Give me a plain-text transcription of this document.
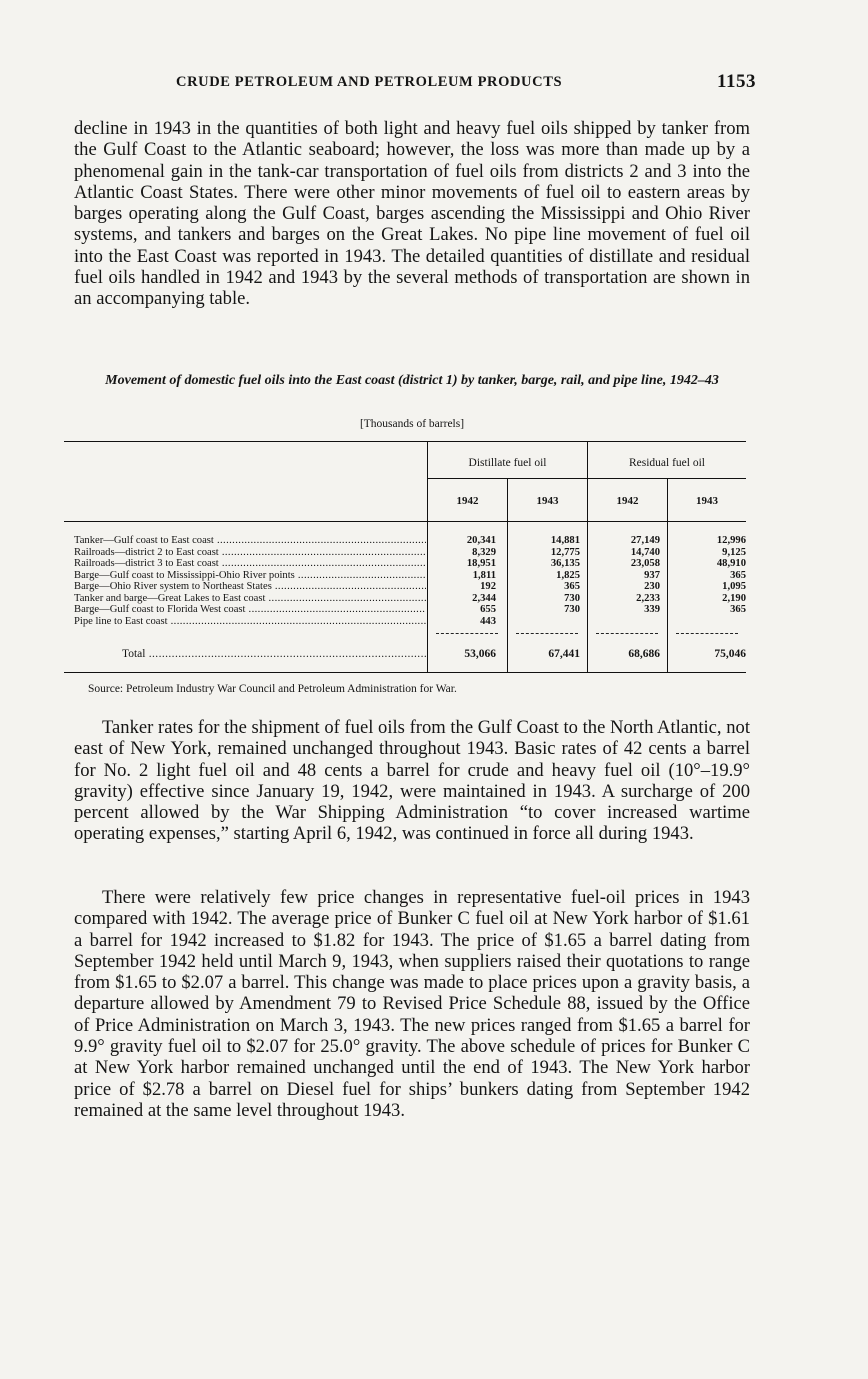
CRUDE PETROLEUM AND PETROLEUM PRODUCTS	1153

decline in 1943 in the quantities of both light and heavy fuel oils shipped by tanker from the Gulf Coast to the Atlantic seaboard; however, the loss was more than made up by a phenomenal gain in the tank-car transportation of fuel oils from districts 2 and 3 into the Atlantic Coast States. There were other minor movements of fuel oil to eastern areas by barges operating along the Gulf Coast, barges ascending the Mississippi and Ohio River systems, and tankers and barges on the Great Lakes. No pipe line movement of fuel oil into the East Coast was reported in 1943. The detailed quantities of distillate and residual fuel oils handled in 1942 and 1943 by the several methods of transportation are shown in an accompanying table.

Movement of domestic fuel oils into the East coast (district 1) by tanker, barge, rail, and pipe line, 1942–43

[Thousands of barrels]

Distillate fuel oil	Residual fuel oil
1942	1943	1942	1943
Tanker—Gulf coast to East coast .....	20,341	14,881	27,149	12,996
Railroads—district 2 to East coast .....	8,329	12,775	14,740	9,125
Railroads—district 3 to East coast .....	18,951	36,135	23,058	48,910
Barge—Gulf coast to Mississippi-Ohio River points .....	1,811	1,825	937	365
Barge—Ohio River system to Northeast States .....	192	365	230	1,095
Tanker and barge—Great Lakes to East coast .....	2,344	730	2,233	2,190
Barge—Gulf coast to Florida West coast .....	655	730	339	365
Pipe line to East coast .....	443
Total .....	53,066	67,441	68,686	75,046

Source: Petroleum Industry War Council and Petroleum Administration for War.

Tanker rates for the shipment of fuel oils from the Gulf Coast to the North Atlantic, not east of New York, remained unchanged throughout 1943. Basic rates of 42 cents a barrel for No. 2 light fuel oil and 48 cents a barrel for crude and heavy fuel oil (10°–19.9° gravity) effective since January 19, 1942, were maintained in 1943. A surcharge of 200 percent allowed by the War Shipping Administration “to cover increased wartime operating expenses,” starting April 6, 1942, was continued in force all during 1943.

There were relatively few price changes in representative fuel-oil prices in 1943 compared with 1942. The average price of Bunker C fuel oil at New York harbor of $1.61 a barrel for 1942 increased to $1.82 for 1943. The price of $1.65 a barrel dating from September 1942 held until March 9, 1943, when suppliers raised their quotations to range from $1.65 to $2.07 a barrel. This change was made to place prices upon a gravity basis, a departure allowed by Amendment 79 to Revised Price Schedule 88, issued by the Office of Price Administration on March 3, 1943. The new prices ranged from $1.65 a barrel for 9.9° gravity fuel oil to $2.07 for 25.0° gravity. The above schedule of prices for Bunker C at New York harbor remained unchanged until the end of 1943. The New York harbor price of $2.78 a barrel on Diesel fuel for ships’ bunkers dating from September 1942 remained at the same level throughout 1943.
